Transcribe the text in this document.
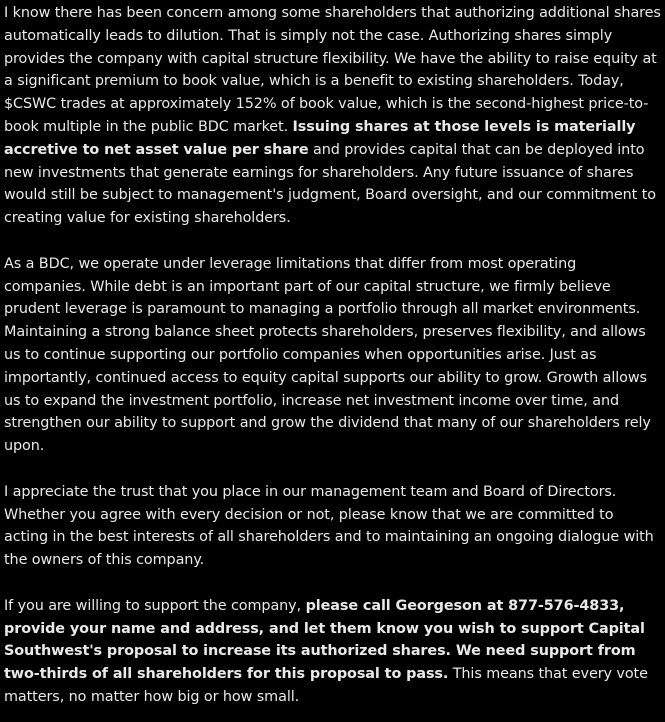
I know there has been concern among some shareholders that authorizing additional shares automatically leads to dilution. That is simply not the case. Authorizing shares simply provides the company with capital structure flexibility. We have the ability to raise equity at a significant premium to book value, which is a benefit to existing shareholders. Today, $CSWC trades at approximately 152% of book value, which is the second-highest price-to-book multiple in the public BDC market. Issuing shares at those levels is materially accretive to net asset value per share and provides capital that can be deployed into new investments that generate earnings for shareholders. Any future issuance of shares would still be subject to management's judgment, Board oversight, and our commitment to creating value for existing shareholders.

As a BDC, we operate under leverage limitations that differ from most operating companies. While debt is an important part of our capital structure, we firmly believe prudent leverage is paramount to managing a portfolio through all market environments. Maintaining a strong balance sheet protects shareholders, preserves flexibility, and allows us to continue supporting our portfolio companies when opportunities arise. Just as importantly, continued access to equity capital supports our ability to grow. Growth allows us to expand the investment portfolio, increase net investment income over time, and strengthen our ability to support and grow the dividend that many of our shareholders rely upon.

I appreciate the trust that you place in our management team and Board of Directors. Whether you agree with every decision or not, please know that we are committed to acting in the best interests of all shareholders and to maintaining an ongoing dialogue with the owners of this company.

If you are willing to support the company, please call Georgeson at 877-576-4833, provide your name and address, and let them know you wish to support Capital Southwest's proposal to increase its authorized shares. We need support from two-thirds of all shareholders for this proposal to pass. This means that every vote matters, no matter how big or how small.
